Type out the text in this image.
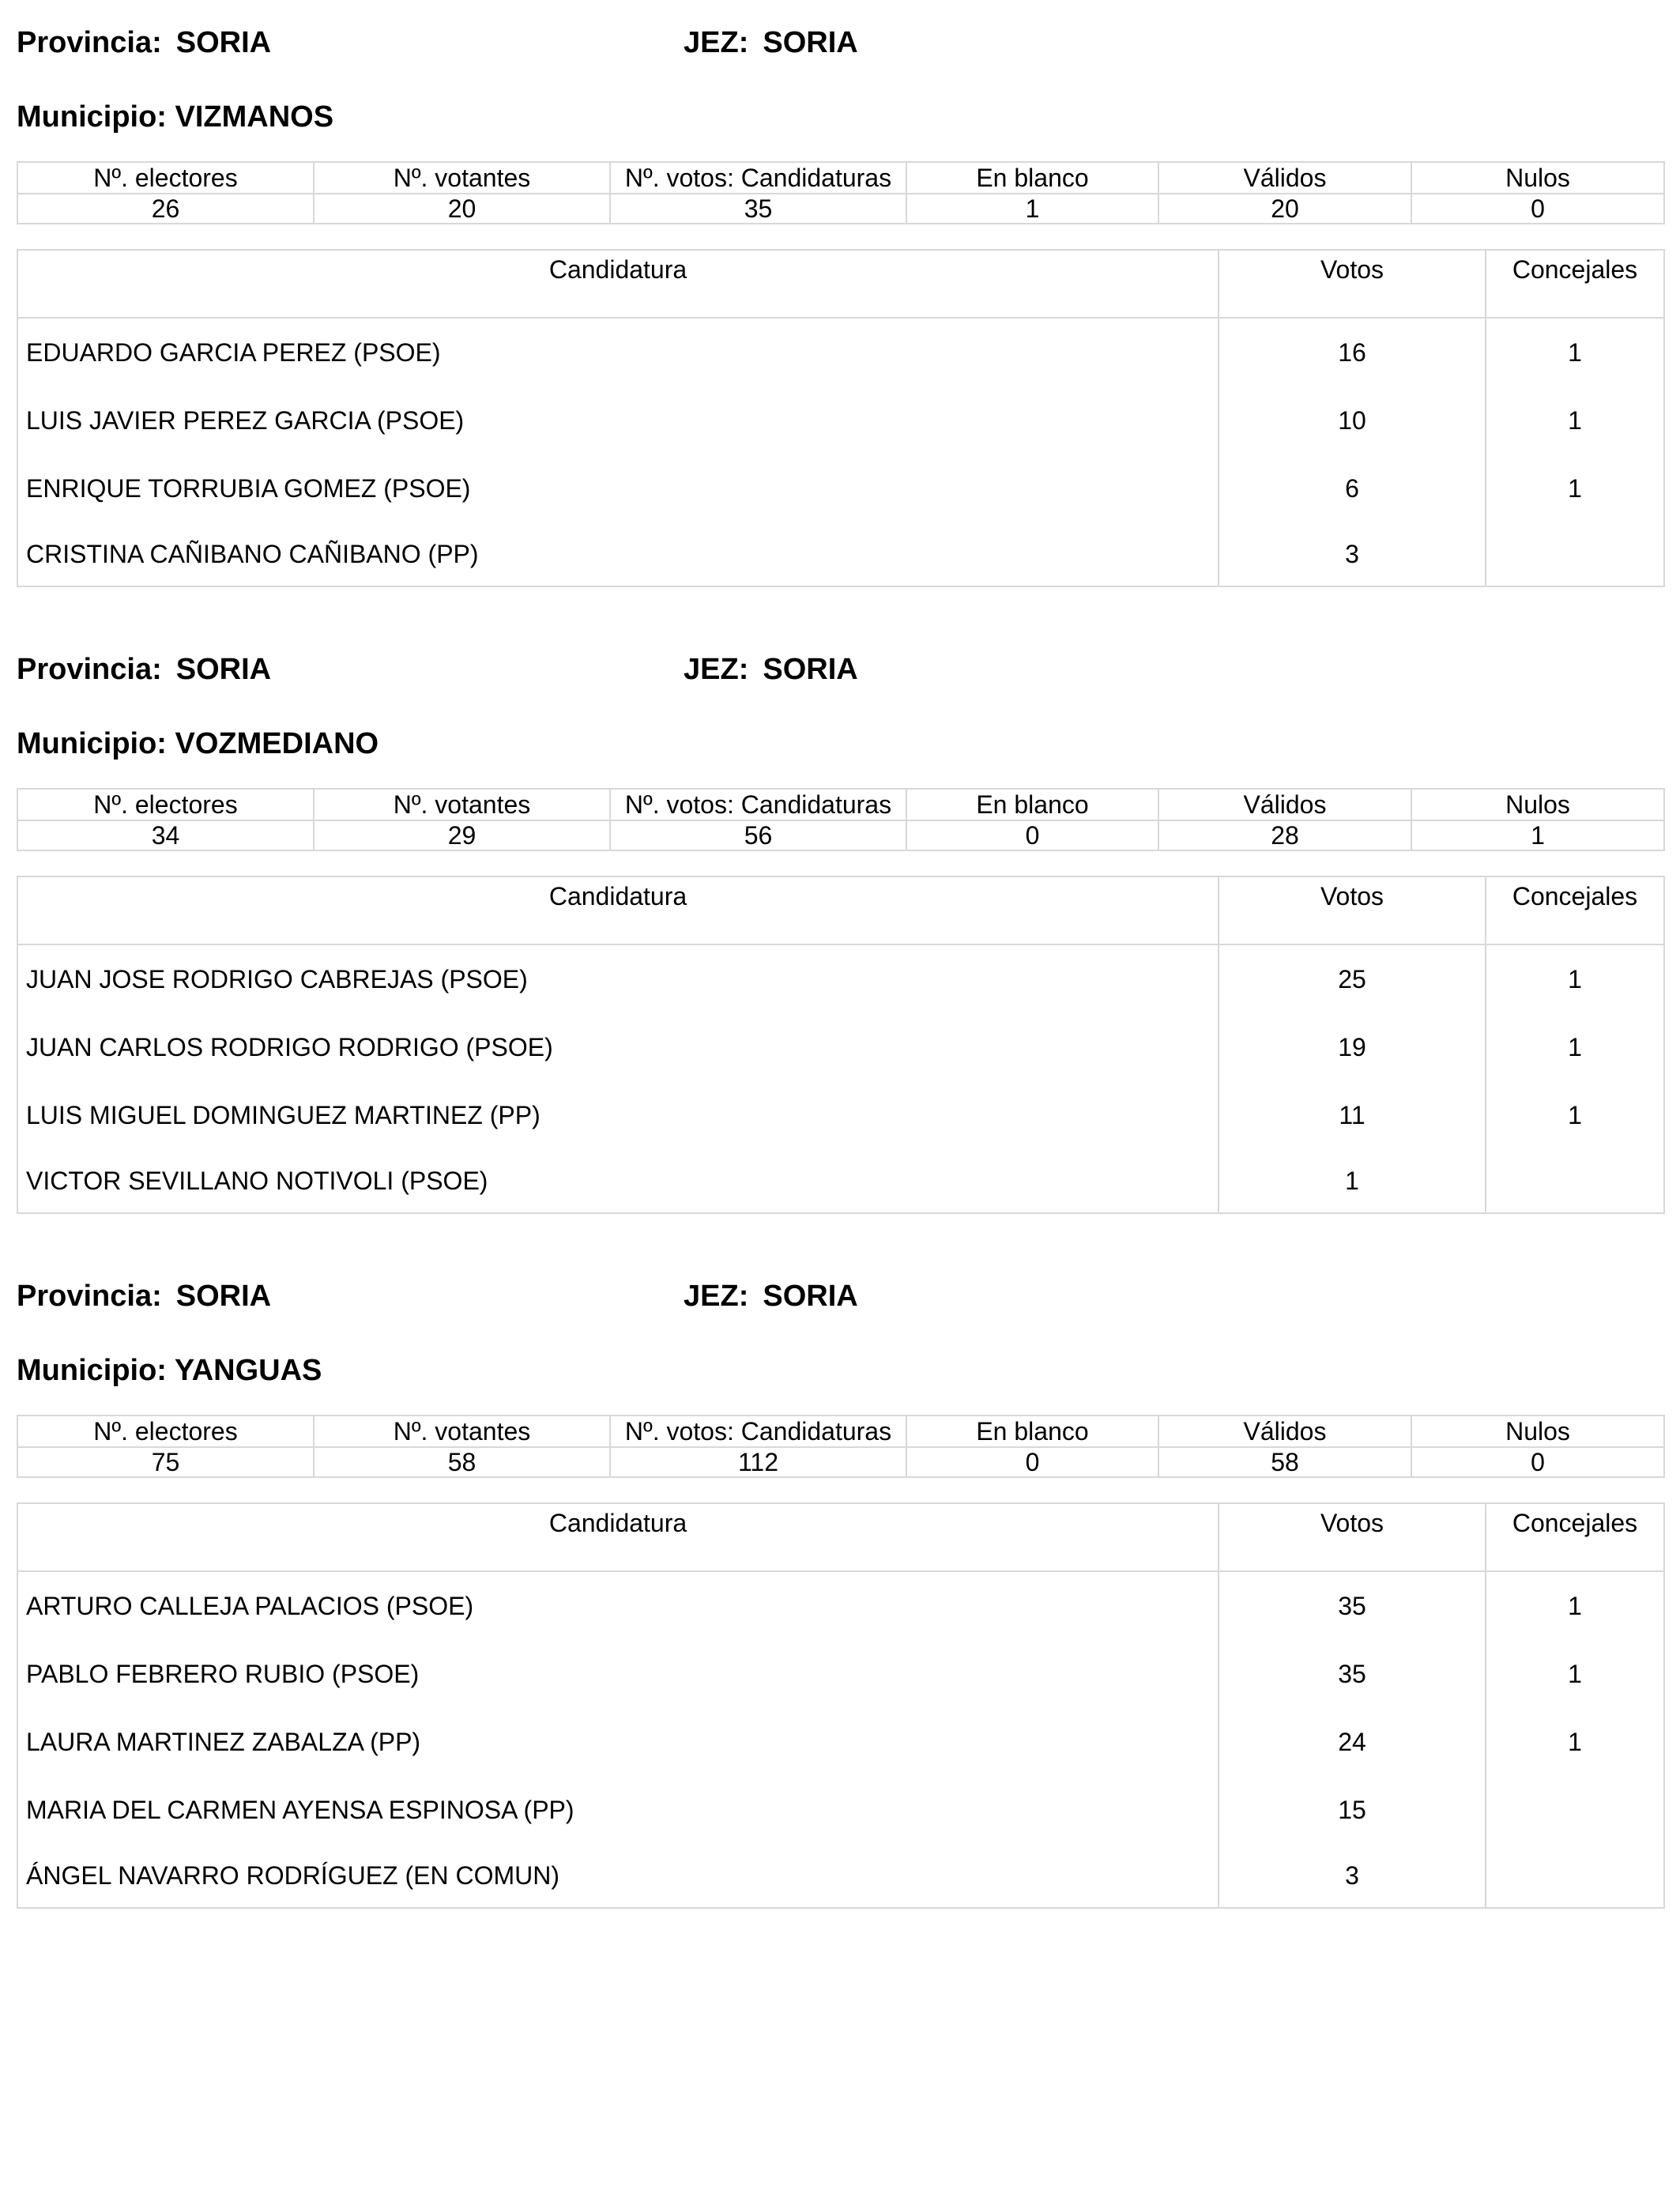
Provincia: SORIA	JEZ: SORIA
Municipio: VIZMANOS
Nº. electores	Nº. votantes	Nº. votos: Candidaturas	En blanco	Válidos	Nulos
26	20	35	1	20	0
Candidatura	Votos	Concejales
EDUARDO GARCIA PEREZ (PSOE)	16	1
LUIS JAVIER PEREZ GARCIA (PSOE)	10	1
ENRIQUE TORRUBIA GOMEZ (PSOE)	6	1
CRISTINA CAÑIBANO CAÑIBANO (PP)	3	
Provincia: SORIA	JEZ: SORIA
Municipio: VOZMEDIANO
Nº. electores	Nº. votantes	Nº. votos: Candidaturas	En blanco	Válidos	Nulos
34	29	56	0	28	1
Candidatura	Votos	Concejales
JUAN JOSE RODRIGO CABREJAS (PSOE)	25	1
JUAN CARLOS RODRIGO RODRIGO (PSOE)	19	1
LUIS MIGUEL DOMINGUEZ MARTINEZ (PP)	11	1
VICTOR SEVILLANO NOTIVOLI (PSOE)	1	
Provincia: SORIA	JEZ: SORIA
Municipio: YANGUAS
Nº. electores	Nº. votantes	Nº. votos: Candidaturas	En blanco	Válidos	Nulos
75	58	112	0	58	0
Candidatura	Votos	Concejales
ARTURO CALLEJA PALACIOS (PSOE)	35	1
PABLO FEBRERO RUBIO (PSOE)	35	1
LAURA MARTINEZ ZABALZA (PP)	24	1
MARIA DEL CARMEN AYENSA ESPINOSA (PP)	15	
ÁNGEL NAVARRO RODRÍGUEZ (EN COMUN)	3	
